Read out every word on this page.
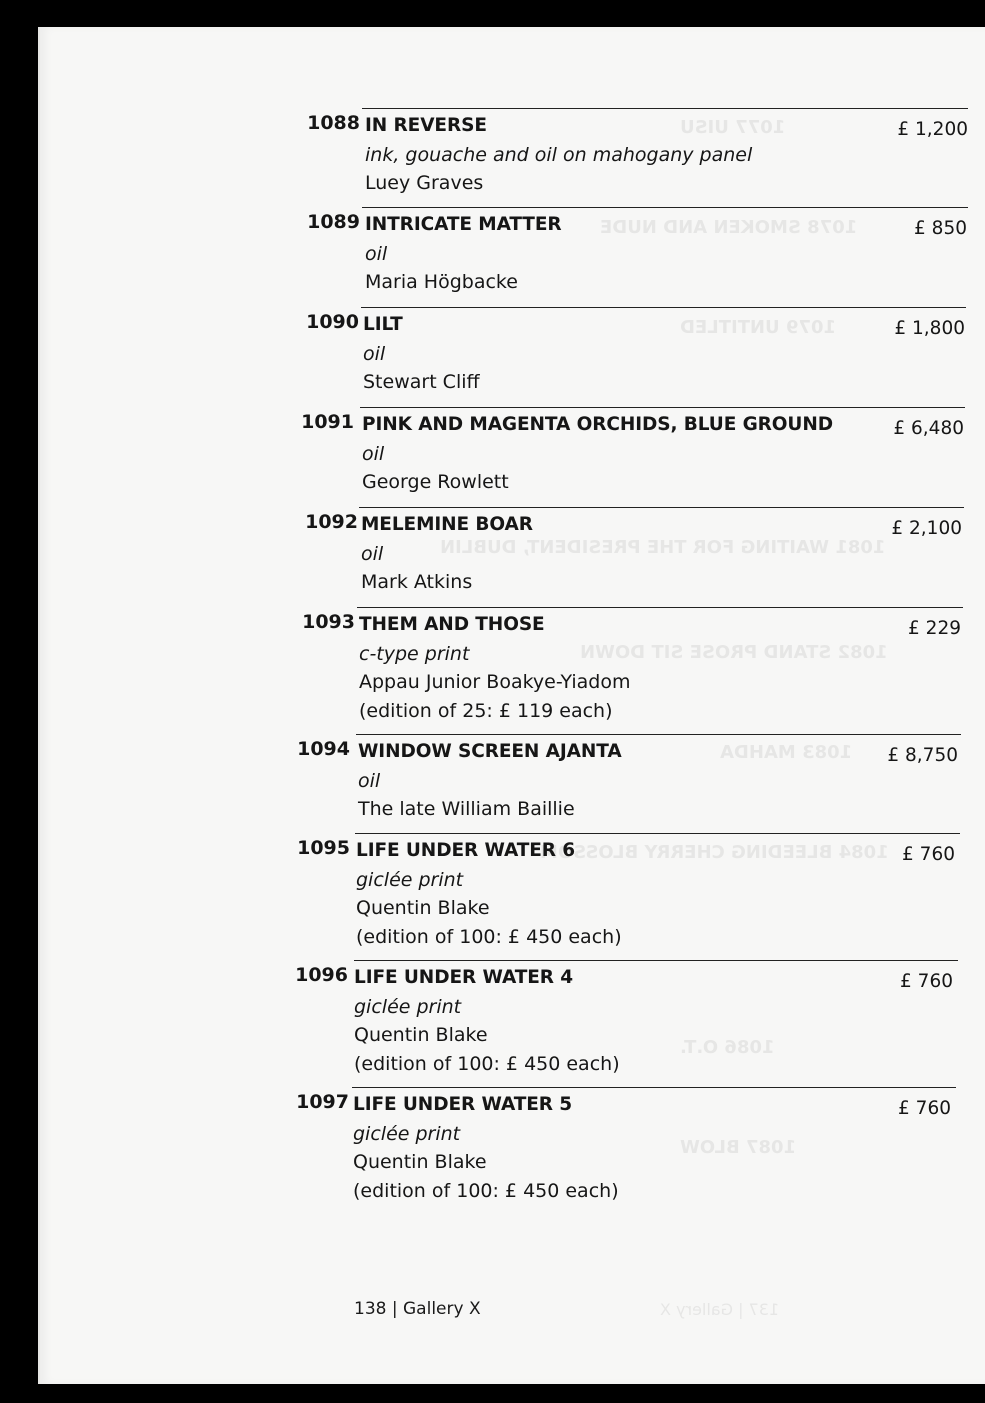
1077 UISU
1078 SMOKEN AND NUDE
1079 UNTITLED
1081 WAITING FOR THE PRESIDENT, DUBLIN
1082 STAND PROSE SIT DOWN
1083 MAHDA
1084 BLEEDING CHERRY BLOSSOM
1086 O.T.
1087 BLOW
137 | Gallery X
1088 IN REVERSE
ink, gouache and oil on mahogany panel
Luey Graves
£ 1,200
1089 INTRICATE MATTER
oil
Maria Högbacke
£ 850
1090 LILT
oil
Stewart Cliff
£ 1,800
1091 PINK AND MAGENTA ORCHIDS, BLUE GROUND
oil
George Rowlett
£ 6,480
1092 MELEMINE BOAR
oil
Mark Atkins
£ 2,100
1093 THEM AND THOSE
c-type print
Appau Junior Boakye-Yiadom
(edition of 25: £ 119 each)
£ 229
1094 WINDOW SCREEN AJANTA
oil
The late William Baillie
£ 8,750
1095 LIFE UNDER WATER 6
giclée print
Quentin Blake
(edition of 100: £ 450 each)
£ 760
1096 LIFE UNDER WATER 4
giclée print
Quentin Blake
(edition of 100: £ 450 each)
£ 760
1097 LIFE UNDER WATER 5
giclée print
Quentin Blake
(edition of 100: £ 450 each)
£ 760
138 | Gallery X
